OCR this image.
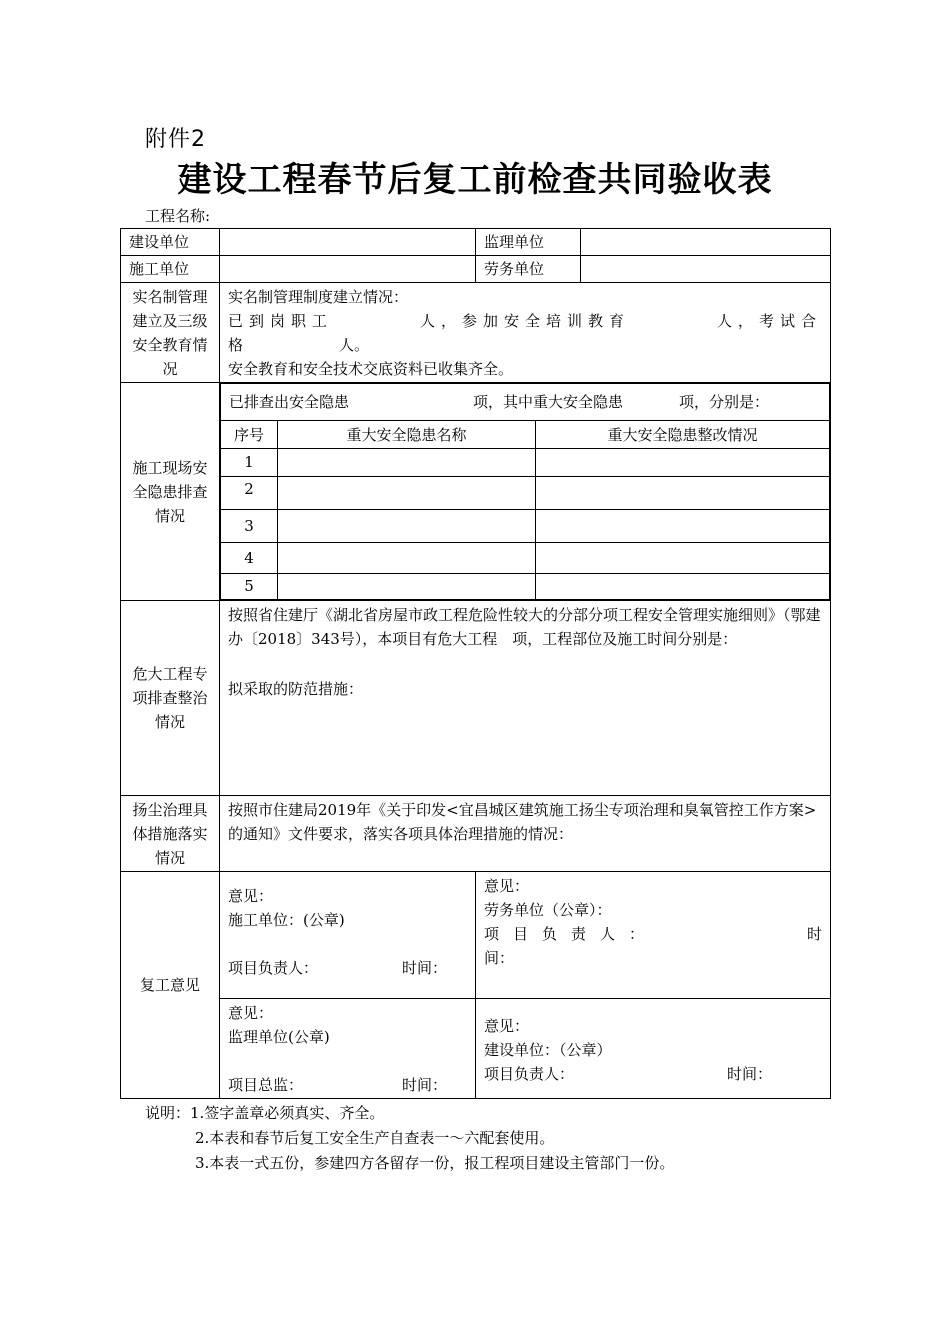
附件2
建设工程春节后复工前检查共同验收表
工程名称:
建设单位		监理单位	
施工单位		劳务单位	
实名制管理建立及三级安全教育情况	
实名制管理制度建立情况：
已到岗职工	人，参加安全培训教育	人，考试合
格	人。
安全教育和安全技术交底资料已收集齐全。

施工现场安全隐患排查情况	
已排查出安全隐患	项，其中重大安全隐患	项，分别是：
序号	重大安全隐患名称	重大安全隐患整改情况
1		
2		
3		
4		
5		

危大工程专项排查整治情况	
按照省住建厅《湖北省房屋市政工程危险性较大的分部分项工程安全管理实施细则》（鄂建办〔2018〕343号），本项目有危大工程　项，工程部位及施工时间分别是：
拟采取的防范措施：

扬尘治理具体措施落实情况	
按照市住建局2019年《关于印发<宜昌城区建筑施工扬尘专项治理和臭氧管控工作方案>的通知》文件要求，落实各项具体治理措施的情况：

复工意见	
意见：
施工单位：(公章)
项目负责人：	时间：

意见：
劳务单位（公章）：
项目负责人：	时
间：

意见：
监理单位(公章)
项目总监：	时间：

意见：
建设单位：（公章）
项目负责人：	时间：
说明：1.签字盖章必须真实、齐全。
2.本表和春节后复工安全生产自查表一～六配套使用。
3.本表一式五份，参建四方各留存一份，报工程项目建设主管部门一份。
